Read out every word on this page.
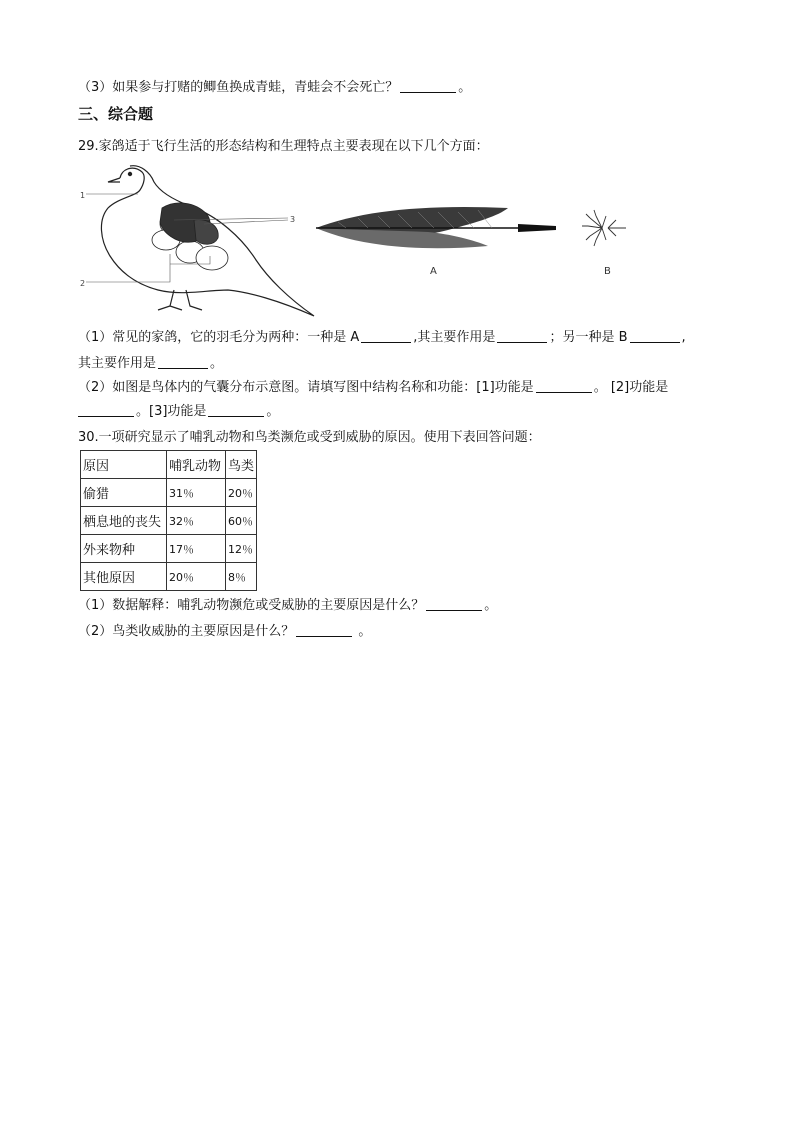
（3）如果参与打赌的鲫鱼换成青蛙，青蛙会不会死亡？	。
三、综合题
29.家鸽适于飞行生活的形态结构和生理特点主要表现在以下几个方面：
1
2
3
A	B
（1）常见的家鸽，它的羽毛分为两种：一种是 A	,其主要作用是	；另一种是 B	,
其主要作用是	。
（2）如图是鸟体内的气囊分布示意图。请填写图中结构名称和功能：[1]功能是	。 [2]功能是
。[3]功能是	。
30.一项研究显示了哺乳动物和鸟类濒危或受到威胁的原因。使用下表回答问题：
原因	哺乳动物	鸟类
偷猎	31％	20％
栖息地的丧失	32％	60％
外来物种	17％	12％
其他原因	20％	8％
（1）数据解释：哺乳动物濒危或受威胁的主要原因是什么？	。
（2）鸟类收威胁的主要原因是什么？	。
